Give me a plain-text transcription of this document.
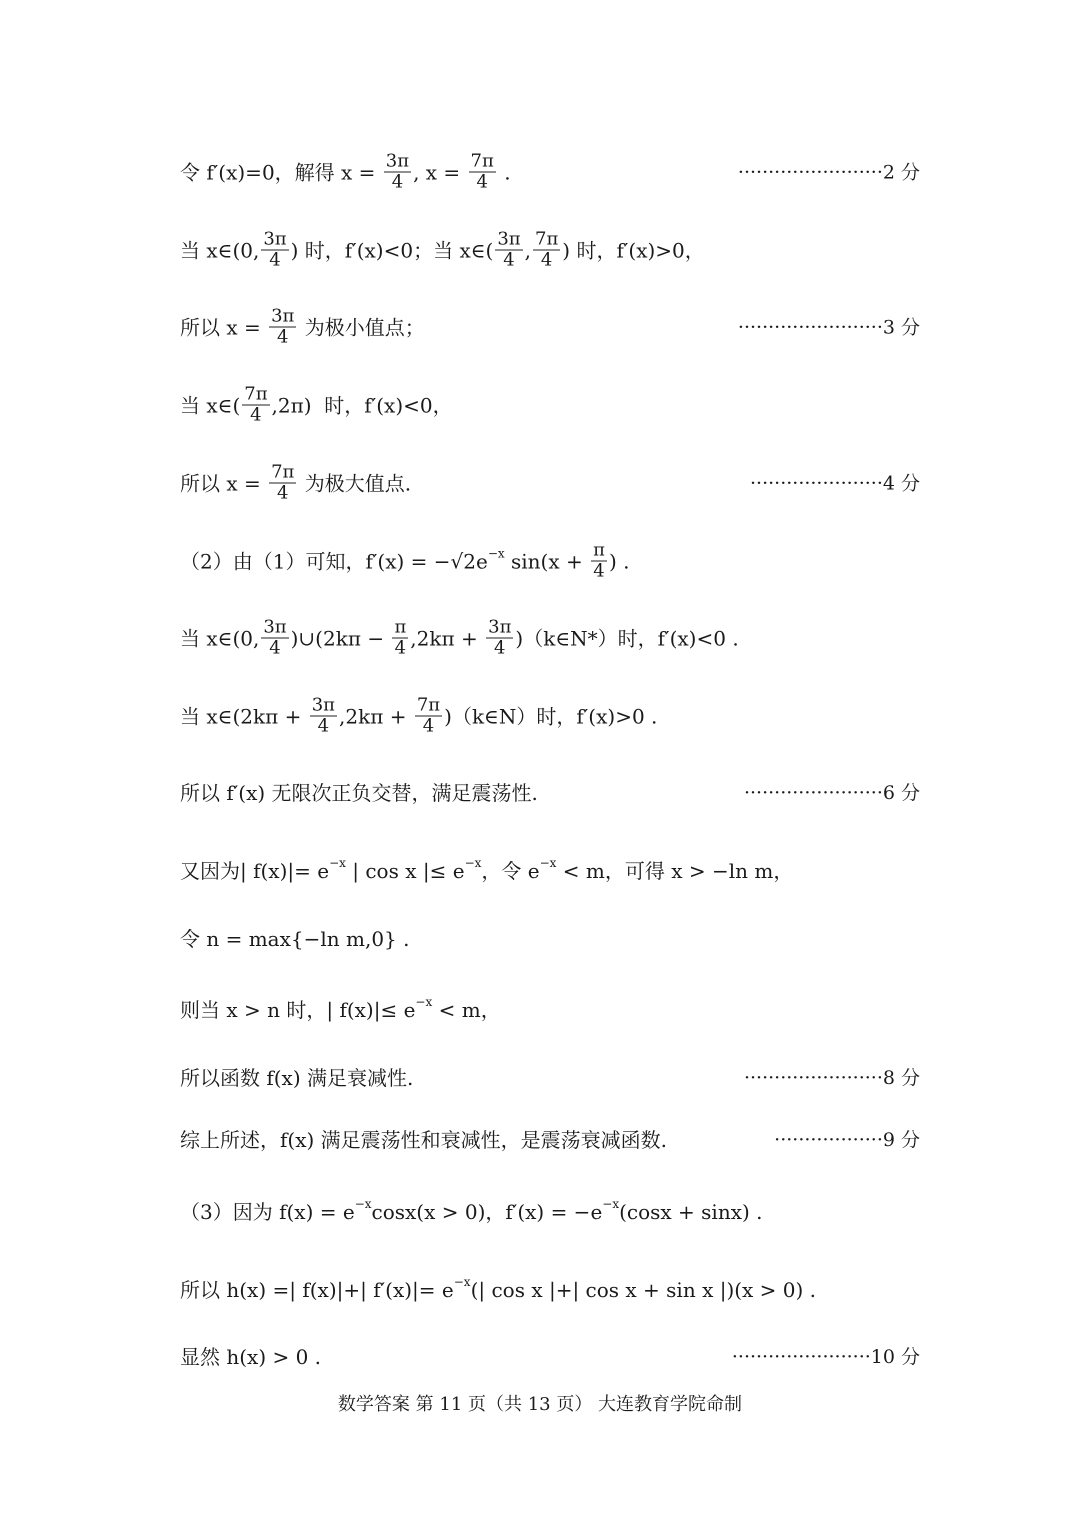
令 f′(x)=0，解得 $x = \frac{3\pi}{4}$ , $x = \frac{7\pi}{4}$ .	························2 分
当 x∈(0, $\frac{3\pi}{4}$ ) 时，f′(x)<0；当 x∈( $\frac{3\pi}{4}$ , $\frac{7\pi}{4}$ ) 时，f′(x)>0，
所以 $x = \frac{3\pi}{4}$ 为极小值点；	························3 分
当 x∈( $\frac{7\pi}{4} ,2\pi$)  时，f′(x)<0，
所以 $x = \frac{7\pi}{4}$ 为极大值点.	······················4 分
（2）由（1）可知，f′(x) = −√2e −x $\sin(x + \frac{\pi}{4}$ ) .
当 x∈(0, $\frac{3\pi}{4}$ )∪(2kπ − $\frac{\pi}{4} ,2k\pi + \frac{3\pi}{4}$ )（k∈N*）时，f′(x)<0 .
当 x∈(2kπ + $\frac{3\pi}{4} ,2k\pi + \frac{7\pi}{4}$ )（k∈N）时，f′(x)>0 .
所以 f′(x) 无限次正负交替，满足震荡性.	·······················6 分
又因为| f(x)|= e −x | cos x |≤ e −x ，令 e −x < m，可得 x > −ln m，
令 n = max{−ln m,0} .
则当 x > n 时，| f(x)|≤ e −x < m，
所以函数 f(x) 满足衰减性.	·······················8 分
综上所述，f(x) 满足震荡性和衰减性，是震荡衰减函数.	··················9 分
（3）因为 f(x) = e −x cosx(x > 0)，f′(x) = −e −x (cosx + sinx) .
所以 h(x) =| f(x)|+| f′(x)|= e −x (| cos x |+| cos x + sin x |)(x > 0) .
显然 h(x) > 0 .	·······················10 分
数学答案 第 11 页（共 13 页） 大连教育学院命制
